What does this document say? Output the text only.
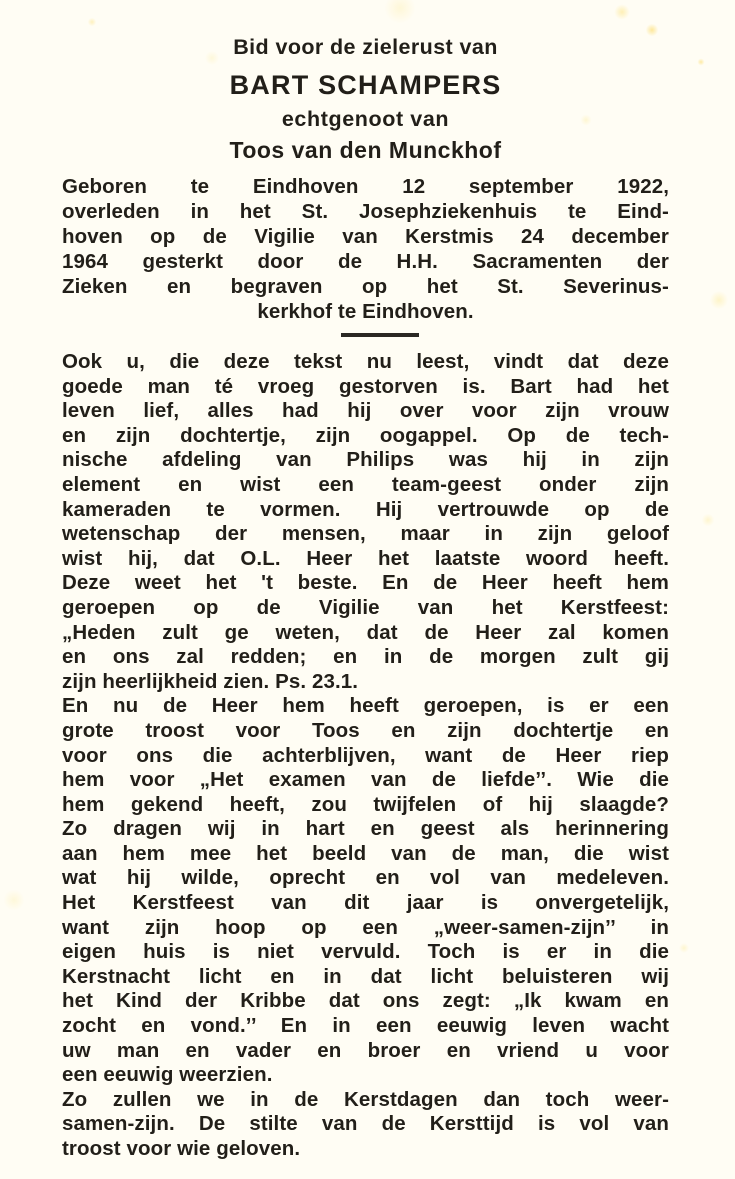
Bid voor de zielerust van
BART SCHAMPERS
echtgenoot van
Toos van den Munckhof
Geboren te Eindhoven 12 september 1922,
overleden in het St. Josephziekenhuis te Eind-
hoven op de Vigilie van Kerstmis 24 december
1964 gesterkt door de H.H. Sacramenten der
Zieken en begraven op het St. Severinus-
kerkhof te Eindhoven.
Ook u, die deze tekst nu leest, vindt dat deze
goede man té vroeg gestorven is. Bart had het
leven lief, alles had hij over voor zijn vrouw
en zijn dochtertje, zijn oogappel. Op de tech-
nische afdeling van Philips was hij in zijn
element en wist een team-geest onder zijn
kameraden te vormen. Hij vertrouwde op de
wetenschap der mensen, maar in zijn geloof
wist hij, dat O.L. Heer het laatste woord heeft.
Deze weet het 't beste. En de Heer heeft hem
geroepen op de Vigilie van het Kerstfeest:
„Heden zult ge weten, dat de Heer zal komen
en ons zal redden; en in de morgen zult gij
zijn heerlijkheid zien. Ps. 23.1.
En nu de Heer hem heeft geroepen, is er een
grote troost voor Toos en zijn dochtertje en
voor ons die achterblijven, want de Heer riep
hem voor „Het examen van de liefde’’. Wie die
hem gekend heeft, zou twijfelen of hij slaagde?
Zo dragen wij in hart en geest als herinnering
aan hem mee het beeld van de man, die wist
wat hij wilde, oprecht en vol van medeleven.
Het Kerstfeest van dit jaar is onvergetelijk,
want zijn hoop op een „weer-samen-zijn’’ in
eigen huis is niet vervuld. Toch is er in die
Kerstnacht licht en in dat licht beluisteren wij
het Kind der Kribbe dat ons zegt: „Ik kwam en
zocht en vond.’’ En in een eeuwig leven wacht
uw man en vader en broer en vriend u voor
een eeuwig weerzien.
Zo zullen we in de Kerstdagen dan toch weer-
samen-zijn. De stilte van de Kersttijd is vol van
troost voor wie geloven.
